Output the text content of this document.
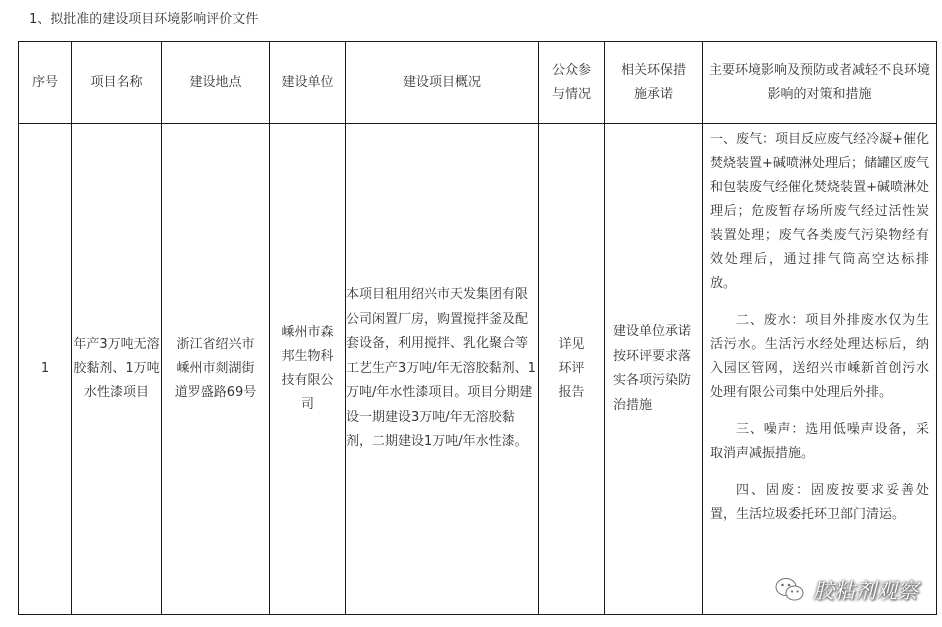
1、拟批准的建设项目环境影响评价文件
序号	项目名称	建设地点	建设单位	建设项目概况	公众参与情况	相关环保措施承诺	主要环境影响及预防或者减轻不良环境影响的对策和措施
1	年产3万吨无溶胶黏剂、1万吨水性漆项目	浙江省绍兴市嵊州市剡湖街道罗盛路69号	嵊州市森邦生物科技有限公司	本项目租用绍兴市天发集团有限公司闲置厂房，购置搅拌釜及配套设备，利用搅拌、乳化聚合等工艺生产3万吨/年无溶胶黏剂、1万吨/年水性漆项目。项目分期建设一期建设3万吨/年无溶胶黏剂，二期建设1万吨/年水性漆。	详见环评报告	建设单位承诺按环评要求落实各项污染防治措施	一、废气：项目反应废气经冷凝+催化焚烧装置+碱喷淋处理后；储罐区废气和包装废气经催化焚烧装置+碱喷淋处理后；危废暂存场所废气经过活性炭装置处理；废气各类废气污染物经有效处理后，通过排气筒高空达标排放。

二、废水：项目外排废水仅为生活污水。生活污水经处理达标后，纳入园区管网，送绍兴市嵊新首创污水处理有限公司集中处理后外排。

三、噪声：选用低噪声设备，采取消声减振措施。

四、固废：固废按要求妥善处置，生活垃圾委托环卫部门清运。

胶粘剂观察
